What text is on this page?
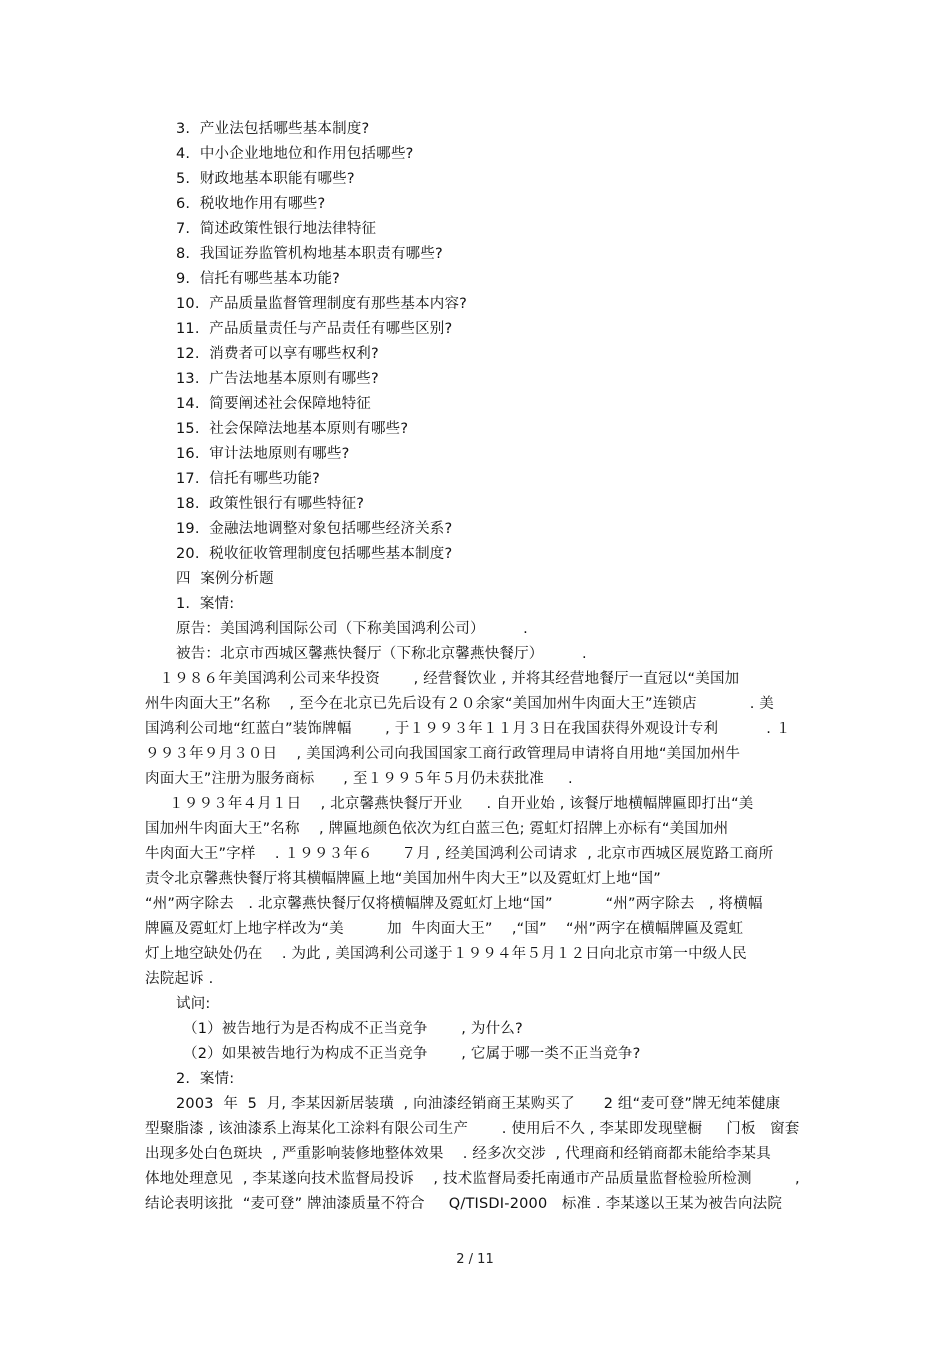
3.  产业法包括哪些基本制度?
4.  中小企业地地位和作用包括哪些?
5.  财政地基本职能有哪些?
6.  税收地作用有哪些?
7.  简述政策性银行地法律特征
8.  我国证券监管机构地基本职责有哪些?
9.  信托有哪些基本功能?
10.  产品质量监督管理制度有那些基本内容?
11.  产品质量责任与产品责任有哪些区别?
12.  消费者可以享有哪些权利?
13.  广告法地基本原则有哪些?
14.  简要阐述社会保障地特征
15.  社会保障法地基本原则有哪些?
16.  审计法地原则有哪些?
17.  信托有哪些功能?
18.  政策性银行有哪些特征?
19.  金融法地调整对象包括哪些经济关系?
20.  税收征收管理制度包括哪些基本制度?
四  案例分析题
1.  案情:
原告：美国鸿利国际公司（下称美国鸿利公司）        .
被告：北京市西城区馨燕快餐厅（下称北京馨燕快餐厅）        .
１９８６年美国鸿利公司来华投资       , 经营餐饮业 , 并将其经营地餐厅一直冠以“美国加
州牛肉面大王”名称    , 至今在北京已先后设有２０余家“美国加州牛肉面大王”连锁店           . 美
国鸿利公司地“红蓝白”装饰牌幅       , 于１９９３年１１月３日在我国获得外观设计专利          . １
９９３年９月３０日    , 美国鸿利公司向我国国家工商行政管理局申请将自用地“美国加州牛
肉面大王”注册为服务商标      , 至１９９５年５月仍未获批准     .
１９９３年４月１日    , 北京馨燕快餐厅开业     . 自开业始 , 该餐厅地横幅牌匾即打出“美
国加州牛肉面大王”名称    , 牌匾地颜色依次为红白蓝三色; 霓虹灯招牌上亦标有“美国加州
牛肉面大王”字样    . １９９３年６      ７月 , 经美国鸿利公司请求  , 北京市西城区展览路工商所
责令北京馨燕快餐厅将其横幅牌匾上地“美国加州牛肉大王”以及霓虹灯上地“国”
“州”两字除去   . 北京馨燕快餐厅仅将横幅牌及霓虹灯上地“国”           “州”两字除去   , 将横幅
牌匾及霓虹灯上地字样改为“美         加  牛肉面大王”    ,“国”    “州”两字在横幅牌匾及霓虹
灯上地空缺处仍在    . 为此 , 美国鸿利公司遂于１９９４年５月１２日向北京市第一中级人民
法院起诉 .
试问:
（1）被告地行为是否构成不正当竞争       , 为什么?
（2）如果被告地行为构成不正当竞争       , 它属于哪一类不正当竞争?
2.  案情:
2003  年  5  月, 李某因新居装璜  , 向油漆经销商王某购买了      2 组“麦可登”牌无纯苯健康
型聚脂漆 , 该油漆系上海某化工涂料有限公司生产       . 使用后不久 , 李某即发现壁橱     门板   窗套
出现多处白色斑块  , 严重影响装修地整体效果    . 经多次交涉  , 代理商和经销商都未能给李某具
体地处理意见  , 李某遂向技术监督局投诉    , 技术监督局委托南通市产品质量监督检验所检测         ,
结论表明该批  “麦可登” 牌油漆质量不符合     Q/TISDI-2000   标准 . 李某遂以王某为被告向法院
2 / 11
